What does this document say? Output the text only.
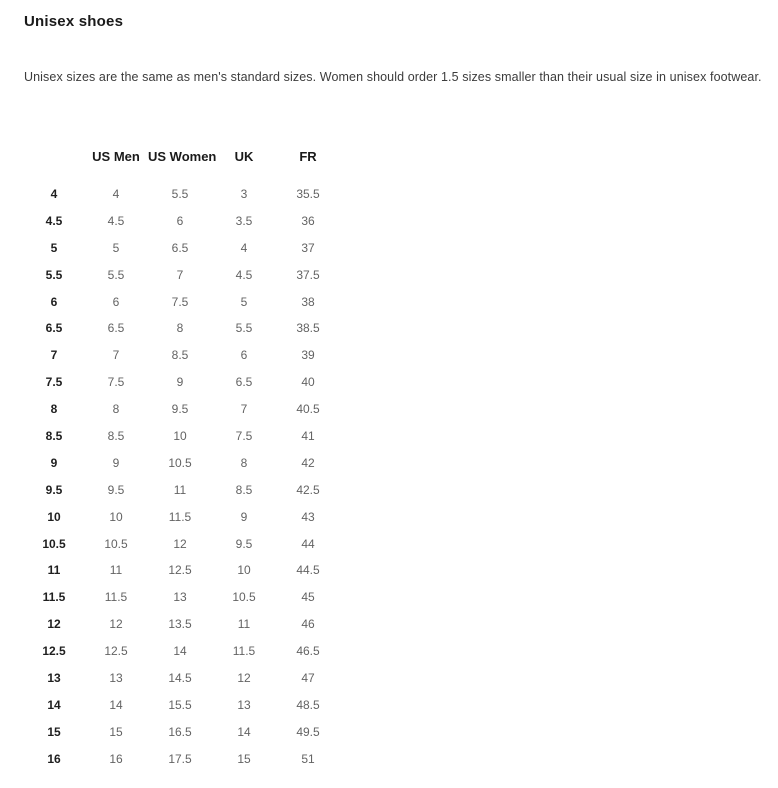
Unisex shoes

Unisex sizes are the same as men's standard sizes. Women should order 1.5 sizes smaller than their usual size in unisex footwear.

	US Men	US Women	UK	FR
4	4	5.5	3	35.5
4.5	4.5	6	3.5	36
5	5	6.5	4	37
5.5	5.5	7	4.5	37.5
6	6	7.5	5	38
6.5	6.5	8	5.5	38.5
7	7	8.5	6	39
7.5	7.5	9	6.5	40
8	8	9.5	7	40.5
8.5	8.5	10	7.5	41
9	9	10.5	8	42
9.5	9.5	11	8.5	42.5
10	10	11.5	9	43
10.5	10.5	12	9.5	44
11	11	12.5	10	44.5
11.5	11.5	13	10.5	45
12	12	13.5	11	46
12.5	12.5	14	11.5	46.5
13	13	14.5	12	47
14	14	15.5	13	48.5
15	15	16.5	14	49.5
16	16	17.5	15	51
